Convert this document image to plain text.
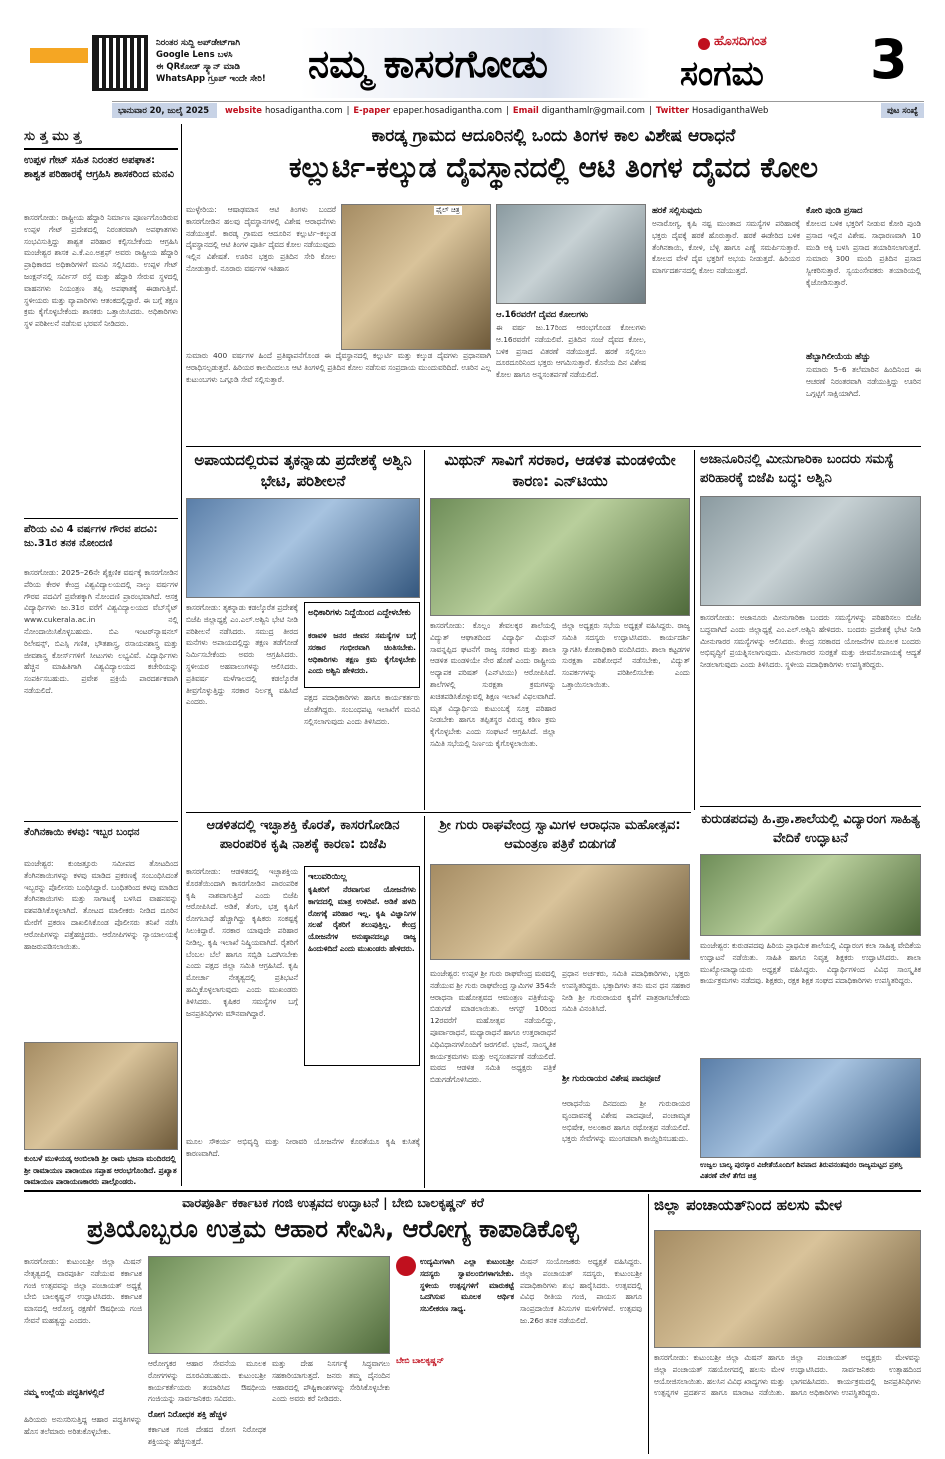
ನಿರಂತರ ಸುದ್ದಿ ಅಪ್‌ಡೇಟ್‌ಗಾಗಿ
Google Lens ಬಳಸಿ
ಈ QRಕೋಡ್ ಸ್ಕ್ಯಾನ್ ಮಾಡಿ
WhatsApp ಗ್ರೂಪ್ ಇಂದೇ ಸೇರಿ!	ನಮ್ಮ ಕಾಸರಗೋಡು
ಹೊಸದಿಗಂತ
ಸಂಗಮ 3
ಭಾನುವಾರ 20, ಜುಲೈ 2025	website hosadigantha.com | E-paper epaper.hosadigantha.com | Email diganthamlr@gmail.com | Twitter HosadiganthaWeb	ಪುಟ ಸಂಖ್ಯೆ
ಸು ತ್ತ ಮು ತ್ತ
ಉಪ್ಪಳ ಗೇಟ್ ಸಹಿತ ನಿರಂತರ ಅಪಘಾತ: ಶಾಶ್ವತ ಪರಿಹಾರಕ್ಕೆ ಆಗ್ರಹಿಸಿ ಶಾಸಕರಿಂದ ಮನವಿ
ಕಾಸರಗೋಡು: ರಾಷ್ಟ್ರೀಯ ಹೆದ್ದಾರಿ ನಿರ್ಮಾಣ ಪೂರ್ಣಗೊಂಡಿರುವ ಉಪ್ಪಳ ಗೇಟ್ ಪ್ರದೇಶದಲ್ಲಿ ನಿರಂತರವಾಗಿ ಅಪಘಾತಗಳು ಸಂಭವಿಸುತ್ತಿದ್ದು ಶಾಶ್ವತ ಪರಿಹಾರ ಕಲ್ಪಿಸಬೇಕೆಂದು ಆಗ್ರಹಿಸಿ ಮಂಜೇಶ್ವರ ಶಾಸಕ ಎ.ಕೆ.ಎಂ.ಅಶ್ರಫ್ ಅವರು ರಾಷ್ಟ್ರೀಯ ಹೆದ್ದಾರಿ ಪ್ರಾಧಿಕಾರದ ಅಧಿಕಾರಿಗಳಿಗೆ ಮನವಿ ಸಲ್ಲಿಸಿದರು. ಉಪ್ಪಳ ಗೇಟ್ ಜಂಕ್ಷನ್‌ನಲ್ಲಿ ಸರ್ವೀಸ್ ರಸ್ತೆ ಮತ್ತು ಹೆದ್ದಾರಿ ಸೇರುವ ಸ್ಥಳದಲ್ಲಿ ವಾಹನಗಳು ನಿಯಂತ್ರಣ ತಪ್ಪಿ ಅಪಘಾತಕ್ಕೆ ಈಡಾಗುತ್ತಿವೆ. ಸ್ಥಳೀಯರು ಮತ್ತು ವ್ಯಾಪಾರಿಗಳು ಆತಂಕದಲ್ಲಿದ್ದಾರೆ. ಈ ಬಗ್ಗೆ ತಕ್ಷಣ ಕ್ರಮ ಕೈಗೊಳ್ಳಬೇಕೆಂದು ಶಾಸಕರು ಒತ್ತಾಯಿಸಿದರು. ಅಧಿಕಾರಿಗಳು ಸ್ಥಳ ಪರಿಶೀಲನೆ ನಡೆಸುವ ಭರವಸೆ ನೀಡಿದರು.
ಪೆರಿಯ ವಿವಿ 4 ವರ್ಷಗಳ ಗೌರವ ಪದವಿ: ಜು.31ರ ತನಕ ನೋಂದಣಿ
ಕಾಸರಗೋಡು: 2025–26ನೇ ಶೈಕ್ಷಣಿಕ ವರ್ಷಕ್ಕೆ ಕಾಸರಗೋಡಿನ ಪೆರಿಯ ಕೇರಳ ಕೇಂದ್ರ ವಿಶ್ವವಿದ್ಯಾಲಯದಲ್ಲಿ ನಾಲ್ಕು ವರ್ಷಗಳ ಗೌರವ ಪದವಿಗೆ ಪ್ರವೇಶಕ್ಕಾಗಿ ನೋಂದಣಿ ಪ್ರಾರಂಭವಾಗಿದೆ. ಆಸಕ್ತ ವಿದ್ಯಾರ್ಥಿಗಳು ಜು.31ರ ವರೆಗೆ ವಿಶ್ವವಿದ್ಯಾಲಯದ ವೆಬ್‌ಸೈಟ್ www.cukerala.ac.in ನಲ್ಲಿ ನೋಂದಾಯಿಸಿಕೊಳ್ಳಬಹುದು. ಬಿಎ ಇಂಟರ್‌ನ್ಯಾಷನಲ್ ರಿಲೇಷನ್ಸ್, ಬಿಎಸ್ಸಿ ಗಣಿತ, ಭೌತಶಾಸ್ತ್ರ, ರಸಾಯನಶಾಸ್ತ್ರ ಮತ್ತು ಜೀವಶಾಸ್ತ್ರ ಕೋರ್ಸ್‌ಗಳಿಗೆ ಸೀಟುಗಳು ಲಭ್ಯವಿವೆ. ವಿದ್ಯಾರ್ಥಿಗಳು ಹೆಚ್ಚಿನ ಮಾಹಿತಿಗಾಗಿ ವಿಶ್ವವಿದ್ಯಾಲಯದ ಕಚೇರಿಯನ್ನು ಸಂಪರ್ಕಿಸಬಹುದು. ಪ್ರವೇಶ ಪ್ರಕ್ರಿಯೆ ಪಾರದರ್ಶಕವಾಗಿ ನಡೆಯಲಿದೆ.
ತೆಂಗಿನಕಾಯಿ ಕಳವು: ಇಬ್ಬರ ಬಂಧನ
ಮಂಜೇಶ್ವರ: ಕುಂಜತ್ತೂರು ಸಮೀಪದ ತೋಟದಿಂದ ತೆಂಗಿನಕಾಯಿಗಳನ್ನು ಕಳವು ಮಾಡಿದ ಪ್ರಕರಣಕ್ಕೆ ಸಂಬಂಧಿಸಿದಂತೆ ಇಬ್ಬರನ್ನು ಪೊಲೀಸರು ಬಂಧಿಸಿದ್ದಾರೆ. ಬಂಧಿತರಿಂದ ಕಳವು ಮಾಡಿದ ತೆಂಗಿನಕಾಯಿಗಳು ಮತ್ತು ಸಾಗಾಟಕ್ಕೆ ಬಳಸಿದ ವಾಹನವನ್ನು ವಶಪಡಿಸಿಕೊಳ್ಳಲಾಗಿದೆ. ತೋಟದ ಮಾಲೀಕರು ನೀಡಿದ ದೂರಿನ ಮೇರೆಗೆ ಪ್ರಕರಣ ದಾಖಲಿಸಿಕೊಂಡ ಪೊಲೀಸರು ತನಿಖೆ ನಡೆಸಿ ಆರೋಪಿಗಳನ್ನು ಪತ್ತೆಹಚ್ಚಿದರು. ಆರೋಪಿಗಳನ್ನು ನ್ಯಾಯಾಲಯಕ್ಕೆ ಹಾಜರುಪಡಿಸಲಾಯಿತು.
ಕುಂಬಳೆ ಮುಳಿಯಡ್ಕ ಅಂಬಿಲಾಡಿ ಶ್ರೀ ರಾಮ ಭಜನಾ ಮಂದಿರದಲ್ಲಿ ಶ್ರೀ ರಾಮಾಯಣ ಪಾರಾಯಣ ಸಪ್ತಾಹ ಆರಂಭಗೊಂಡಿದೆ. ಪ್ರಖ್ಯಾತ ರಾಮಾಯಣ ಪಾರಾಯಣಕಾರರು ಪಾಲ್ಗೊಂಡರು.
ಕಾರಡ್ಕ ಗ್ರಾಮದ ಆದೂರಿನಲ್ಲಿ ಒಂದು ತಿಂಗಳ ಕಾಲ ವಿಶೇಷ ಆರಾಧನೆ
ಕಲ್ಲುರ್ಟಿ-ಕಲ್ಕುಡ ದೈವಸ್ಥಾನದಲ್ಲಿ ಆಟಿ ತಿಂಗಳ ದೈವದ ಕೋಲ
ಮುಳ್ಳೇರಿಯ: ಆಷಾಢಮಾಸ ಆಟಿ ತಿಂಗಳು ಬಂದರೆ ಕಾಸರಗೋಡಿನ ಹಲವು ದೈವಸ್ಥಾನಗಳಲ್ಲಿ ವಿಶೇಷ ಆರಾಧನೆಗಳು ನಡೆಯುತ್ತವೆ. ಕಾರಡ್ಕ ಗ್ರಾಮದ ಆದೂರಿನ ಕಲ್ಲುರ್ಟಿ–ಕಲ್ಕುಡ ದೈವಸ್ಥಾನದಲ್ಲಿ ಆಟಿ ತಿಂಗಳ ಪೂರ್ತಿ ದೈವದ ಕೋಲ ನಡೆಯುವುದು ಇಲ್ಲಿನ ವಿಶೇಷತೆ. ಊರಿನ ಭಕ್ತರು ಪ್ರತಿದಿನ ಸೇರಿ ಕೋಲ ನೋಡುತ್ತಾರೆ. ನೂರಾರು ವರ್ಷಗಳ ಇತಿಹಾಸ
ಸುಮಾರು 400 ವರ್ಷಗಳ ಹಿಂದೆ ಪ್ರತಿಷ್ಠಾಪನೆಗೊಂಡ ಈ ದೈವಸ್ಥಾನದಲ್ಲಿ ಕಲ್ಲುರ್ಟಿ ಮತ್ತು ಕಲ್ಕುಡ ದೈವಗಳು ಪ್ರಧಾನವಾಗಿ ಆರಾಧಿಸಲ್ಪಡುತ್ತವೆ. ಹಿರಿಯರ ಕಾಲದಿಂದಲೂ ಆಟಿ ತಿಂಗಳಲ್ಲಿ ಪ್ರತಿದಿನ ಕೋಲ ನಡೆಸುವ ಸಂಪ್ರದಾಯ ಮುಂದುವರಿದಿದೆ. ಊರಿನ ಎಲ್ಲ ಕುಟುಂಬಗಳು ಒಗ್ಗೂಡಿ ಸೇವೆ ಸಲ್ಲಿಸುತ್ತಾರೆ.
ಫೈಲ್ ಚಿತ್ರ
ಆ.16ರವರೆಗೆ ದೈವದ ಕೋಲಗಳು
ಈ ವರ್ಷ ಜು.17ರಿಂದ ಆರಂಭಗೊಂಡ ಕೋಲಗಳು ಆ.16ರವರೆಗೆ ನಡೆಯಲಿವೆ. ಪ್ರತಿದಿನ ಸಂಜೆ ದೈವದ ಕೋಲ, ಬಳಿಕ ಪ್ರಸಾದ ವಿತರಣೆ ನಡೆಯುತ್ತದೆ. ಹರಕೆ ಸಲ್ಲಿಸಲು ದೂರದೂರಿನಿಂದ ಭಕ್ತರು ಆಗಮಿಸುತ್ತಾರೆ. ಕೊನೆಯ ದಿನ ವಿಶೇಷ ಕೋಲ ಹಾಗೂ ಅನ್ನಸಂತರ್ಪಣೆ ನಡೆಯಲಿದೆ.
ಹರಕೆ ಸಲ್ಲಿಸುವುದು
ಅನಾರೋಗ್ಯ, ಕೃಷಿ ನಷ್ಟ ಮುಂತಾದ ಸಮಸ್ಯೆಗಳ ಪರಿಹಾರಕ್ಕೆ ಭಕ್ತರು ದೈವಕ್ಕೆ ಹರಕೆ ಹೊರುತ್ತಾರೆ. ಹರಕೆ ಈಡೇರಿದ ಬಳಿಕ ತೆಂಗಿನಕಾಯಿ, ಕೋಳಿ, ಬೆಳ್ಳಿ ಹಾಗೂ ಎಣ್ಣೆ ಸಮರ್ಪಿಸುತ್ತಾರೆ. ಕೋಲದ ವೇಳೆ ದೈವ ಭಕ್ತರಿಗೆ ಅಭಯ ನೀಡುತ್ತದೆ. ಹಿರಿಯರ ಮಾರ್ಗದರ್ಶನದಲ್ಲಿ ಕೋಲ ನಡೆಯುತ್ತದೆ.
ಕೋರಿ ಪುಂಡಿ ಪ್ರಸಾದ
ಕೋಲದ ಬಳಿಕ ಭಕ್ತರಿಗೆ ನೀಡುವ ಕೋರಿ ಪುಂಡಿ ಪ್ರಸಾದ ಇಲ್ಲಿನ ವಿಶೇಷ. ಸಾಧಾರಣವಾಗಿ 10 ಮುಡಿ ಅಕ್ಕಿ ಬಳಸಿ ಪ್ರಸಾದ ತಯಾರಿಸಲಾಗುತ್ತದೆ. ಸುಮಾರು 300 ಮಂದಿ ಪ್ರತಿದಿನ ಪ್ರಸಾದ ಸ್ವೀಕರಿಸುತ್ತಾರೆ. ಸ್ವಯಂಸೇವಕರು ತಯಾರಿಯಲ್ಲಿ ಕೈಜೋಡಿಸುತ್ತಾರೆ.
ಹೆಬ್ಬಾಗಿಲೀಯೆಯ ಹೆಚ್ಚು
ಸುಮಾರು 5–6 ತಲೆಮಾರಿನ ಹಿಂದಿನಿಂದ ಈ ಆಚರಣೆ ನಿರಂತರವಾಗಿ ನಡೆಯುತ್ತಿದ್ದು ಊರಿನ ಒಗ್ಗಟ್ಟಿಗೆ ಸಾಕ್ಷಿಯಾಗಿದೆ.
ಅಪಾಯದಲ್ಲಿರುವ ತೃಕನ್ನಾಡು ಪ್ರದೇಶಕ್ಕೆ ಅಶ್ವಿನಿ ಭೇಟಿ, ಪರಿಶೀಲನೆ
ಕಾಸರಗೋಡು: ತೃಕನ್ನಾಡು ಕಡಲ್ಕೊರೆತ ಪ್ರದೇಶಕ್ಕೆ ಬಿಜೆಪಿ ಜಿಲ್ಲಾಧ್ಯಕ್ಷೆ ಎಂ.ಎಲ್.ಅಶ್ವಿನಿ ಭೇಟಿ ನೀಡಿ ಪರಿಶೀಲನೆ ನಡೆಸಿದರು. ಸಮುದ್ರ ತೀರದ ಮನೆಗಳು ಅಪಾಯದಲ್ಲಿದ್ದು ತಕ್ಷಣ ತಡೆಗೋಡೆ ನಿರ್ಮಿಸಬೇಕೆಂದು ಅವರು ಆಗ್ರಹಿಸಿದರು. ಸ್ಥಳೀಯರ ಅಹವಾಲುಗಳನ್ನು ಆಲಿಸಿದರು. ಪ್ರತಿವರ್ಷ ಮಳೆಗಾಲದಲ್ಲಿ ಕಡಲ್ಕೊರೆತ ತೀವ್ರಗೊಳ್ಳುತ್ತಿದ್ದು ಸರಕಾರ ನಿರ್ಲಕ್ಷ್ಯ ವಹಿಸಿದೆ ಎಂದರು.
ಅಧಿಕಾರಿಗಳು ನಿದ್ದೆಯಿಂದ ಎದ್ದೇಳಬೇಕು
ಕರಾವಳಿ ಜನರ ಜೀವನ ಸಮಸ್ಯೆಗಳ ಬಗ್ಗೆ ಸರಕಾರ ಗಂಭೀರವಾಗಿ ಚಿಂತಿಸಬೇಕು. ಅಧಿಕಾರಿಗಳು ತಕ್ಷಣ ಕ್ರಮ ಕೈಗೊಳ್ಳಬೇಕು ಎಂದು ಅಶ್ವಿನಿ ಹೇಳಿದರು.
ಪಕ್ಷದ ಪದಾಧಿಕಾರಿಗಳು ಹಾಗೂ ಕಾರ್ಯಕರ್ತರು ಜೊತೆಗಿದ್ದರು. ಸಂಬಂಧಪಟ್ಟ ಇಲಾಖೆಗೆ ಮನವಿ ಸಲ್ಲಿಸಲಾಗುವುದು ಎಂದು ತಿಳಿಸಿದರು.
ಮಿಥುನ್ ಸಾವಿಗೆ ಸರಕಾರ, ಆಡಳಿತ ಮಂಡಳಿಯೇ ಕಾರಣ: ಎನ್‌ಟಿಯು
ಕಾಸರಗೋಡು: ಕೊಲ್ಲಂ ತೇವಲಕ್ಕರ ಶಾಲೆಯಲ್ಲಿ ವಿದ್ಯುತ್ ಆಘಾತದಿಂದ ವಿದ್ಯಾರ್ಥಿ ಮಿಥುನ್ ಸಾವನ್ನಪ್ಪಿದ ಘಟನೆಗೆ ರಾಜ್ಯ ಸರಕಾರ ಮತ್ತು ಶಾಲಾ ಆಡಳಿತ ಮಂಡಳಿಯೇ ನೇರ ಹೊಣೆ ಎಂದು ರಾಷ್ಟ್ರೀಯ ಅಧ್ಯಾಪಕ ಪರಿಷತ್ (ಎನ್‌ಟಿಯು) ಆರೋಪಿಸಿದೆ. ಶಾಲೆಗಳಲ್ಲಿ ಸುರಕ್ಷತಾ ಕ್ರಮಗಳನ್ನು ಖಚಿತಪಡಿಸಿಕೊಳ್ಳುವಲ್ಲಿ ಶಿಕ್ಷಣ ಇಲಾಖೆ ವಿಫಲವಾಗಿದೆ. ಮೃತ ವಿದ್ಯಾರ್ಥಿಯ ಕುಟುಂಬಕ್ಕೆ ಸೂಕ್ತ ಪರಿಹಾರ ನೀಡಬೇಕು ಹಾಗೂ ತಪ್ಪಿತಸ್ಥರ ವಿರುದ್ಧ ಕಠಿಣ ಕ್ರಮ ಕೈಗೊಳ್ಳಬೇಕು ಎಂದು ಸಂಘಟನೆ ಆಗ್ರಹಿಸಿದೆ. ಜಿಲ್ಲಾ ಸಮಿತಿ ಸಭೆಯಲ್ಲಿ ನಿರ್ಣಯ ಕೈಗೊಳ್ಳಲಾಯಿತು.
ಜಿಲ್ಲಾ ಅಧ್ಯಕ್ಷರು ಸಭೆಯ ಅಧ್ಯಕ್ಷತೆ ವಹಿಸಿದ್ದರು. ರಾಜ್ಯ ಸಮಿತಿ ಸದಸ್ಯರು ಉದ್ಘಾಟಿಸಿದರು. ಕಾರ್ಯದರ್ಶಿ ಸ್ವಾಗತಿಸಿ ಕೋಶಾಧಿಕಾರಿ ವಂದಿಸಿದರು. ಶಾಲಾ ಕಟ್ಟಡಗಳ ಸುರಕ್ಷತಾ ಪರಿಶೋಧನೆ ನಡೆಸಬೇಕು, ವಿದ್ಯುತ್ ಸಂಪರ್ಕಗಳನ್ನು ಪರಿಶೀಲಿಸಬೇಕು ಎಂದು ಒತ್ತಾಯಿಸಲಾಯಿತು.
ಅಜಾನೂರಿನಲ್ಲಿ ಮೀನುಗಾರಿಕಾ ಬಂದರು ಸಮಸ್ಯೆ ಪರಿಹಾರಕ್ಕೆ ಬಿಜೆಪಿ ಬದ್ಧ: ಅಶ್ವಿನಿ
ಕಾಸರಗೋಡು: ಅಜಾನೂರು ಮೀನುಗಾರಿಕಾ ಬಂದರು ಸಮಸ್ಯೆಗಳನ್ನು ಪರಿಹರಿಸಲು ಬಿಜೆಪಿ ಬದ್ಧವಾಗಿದೆ ಎಂದು ಜಿಲ್ಲಾಧ್ಯಕ್ಷೆ ಎಂ.ಎಲ್.ಅಶ್ವಿನಿ ಹೇಳಿದರು. ಬಂದರು ಪ್ರದೇಶಕ್ಕೆ ಭೇಟಿ ನೀಡಿ ಮೀನುಗಾರರ ಸಮಸ್ಯೆಗಳನ್ನು ಆಲಿಸಿದರು. ಕೇಂದ್ರ ಸರಕಾರದ ಯೋಜನೆಗಳ ಮೂಲಕ ಬಂದರು ಅಭಿವೃದ್ಧಿಗೆ ಪ್ರಯತ್ನಿಸಲಾಗುವುದು. ಮೀನುಗಾರರ ಸುರಕ್ಷತೆ ಮತ್ತು ಜೀವನೋಪಾಯಕ್ಕೆ ಆದ್ಯತೆ ನೀಡಲಾಗುವುದು ಎಂದು ತಿಳಿಸಿದರು. ಸ್ಥಳೀಯ ಪದಾಧಿಕಾರಿಗಳು ಉಪಸ್ಥಿತರಿದ್ದರು.
ಕುರುಡಪದವು ಹಿ.ಪ್ರಾ.ಶಾಲೆಯಲ್ಲಿ ವಿದ್ಯಾರಂಗ ಸಾಹಿತ್ಯ ವೇದಿಕೆ ಉದ್ಘಾಟನೆ
ಮಂಜೇಶ್ವರ: ಕುರುಡಪದವು ಹಿರಿಯ ಪ್ರಾಥಮಿಕ ಶಾಲೆಯಲ್ಲಿ ವಿದ್ಯಾರಂಗ ಕಲಾ ಸಾಹಿತ್ಯ ವೇದಿಕೆಯ ಉದ್ಘಾಟನೆ ನಡೆಯಿತು. ಸಾಹಿತಿ ಹಾಗೂ ನಿವೃತ್ತ ಶಿಕ್ಷಕರು ಉದ್ಘಾಟಿಸಿದರು. ಶಾಲಾ ಮುಖ್ಯೋಪಾಧ್ಯಾಯರು ಅಧ್ಯಕ್ಷತೆ ವಹಿಸಿದ್ದರು. ವಿದ್ಯಾರ್ಥಿಗಳಿಂದ ವಿವಿಧ ಸಾಂಸ್ಕೃತಿಕ ಕಾರ್ಯಕ್ರಮಗಳು ನಡೆದವು. ಶಿಕ್ಷಕರು, ರಕ್ಷಕ ಶಿಕ್ಷಕ ಸಂಘದ ಪದಾಧಿಕಾರಿಗಳು ಉಪಸ್ಥಿತರಿದ್ದರು.
ಉಜ್ವಲ ಬಾಲ್ಯ ಪುರಸ್ಕಾರ ವಿಜೇತೆಯೊಂದಿಗೆ ಶಿವಪಾದ ತಿರುವನಂತಪುರಂ ರಾಜ್ಯಮಟ್ಟದ ಪ್ರಶಸ್ತಿ ವಿತರಣೆ ವೇಳೆ ತೆಗೆದ ಚಿತ್ರ
ಆಡಳಿತದಲ್ಲಿ ಇಚ್ಛಾಶಕ್ತಿ ಕೊರತೆ, ಕಾಸರಗೋಡಿನ ಪಾರಂಪರಿಕ ಕೃಷಿ ನಾಶಕ್ಕೆ ಕಾರಣ: ಬಿಜೆಪಿ
ಕಾಸರಗೋಡು: ಆಡಳಿತದಲ್ಲಿ ಇಚ್ಛಾಶಕ್ತಿಯ ಕೊರತೆಯಿಂದಾಗಿ ಕಾಸರಗೋಡಿನ ಪಾರಂಪರಿಕ ಕೃಷಿ ನಾಶವಾಗುತ್ತಿದೆ ಎಂದು ಬಿಜೆಪಿ ಆರೋಪಿಸಿದೆ. ಅಡಿಕೆ, ತೆಂಗು, ಭತ್ತ ಕೃಷಿಗೆ ರೋಗಬಾಧೆ ಹೆಚ್ಚಾಗಿದ್ದು ಕೃಷಿಕರು ಸಂಕಷ್ಟಕ್ಕೆ ಸಿಲುಕಿದ್ದಾರೆ. ಸರಕಾರ ಯಾವುದೇ ಪರಿಹಾರ ನೀಡಿಲ್ಲ. ಕೃಷಿ ಇಲಾಖೆ ನಿಷ್ಕ್ರಿಯವಾಗಿದೆ. ರೈತರಿಗೆ ಬೆಂಬಲ ಬೆಲೆ ಹಾಗೂ ಸಬ್ಸಿಡಿ ಒದಗಿಸಬೇಕು ಎಂದು ಪಕ್ಷದ ಜಿಲ್ಲಾ ಸಮಿತಿ ಆಗ್ರಹಿಸಿದೆ. ಕೃಷಿ ಮೋರ್ಚಾ ನೇತೃತ್ವದಲ್ಲಿ ಪ್ರತಿಭಟನೆ ಹಮ್ಮಿಕೊಳ್ಳಲಾಗುವುದು ಎಂದು ಮುಖಂಡರು ತಿಳಿಸಿದರು. ಕೃಷಿಕರ ಸಮಸ್ಯೆಗಳ ಬಗ್ಗೆ ಜನಪ್ರತಿನಿಧಿಗಳು ಮೌನವಾಗಿದ್ದಾರೆ.
ಇಲುವರಿಯಿಲ್ಲ
ಕೃಷಿಕರಿಗೆ ನೆರವಾಗುವ ಯೋಜನೆಗಳು ಕಾಗದದಲ್ಲಿ ಮಾತ್ರ ಉಳಿದಿವೆ. ಅಡಿಕೆ ಹಳದಿ ರೋಗಕ್ಕೆ ಪರಿಹಾರ ಇಲ್ಲ. ಕೃಷಿ ವಿಜ್ಞಾನಿಗಳ ಸಲಹೆ ರೈತರಿಗೆ ತಲುಪುತ್ತಿಲ್ಲ. ಕೇಂದ್ರ ಯೋಜನೆಗಳ ಅನುಷ್ಠಾನದಲ್ಲೂ ರಾಜ್ಯ ಹಿಂದುಳಿದಿದೆ ಎಂದು ಮುಖಂಡರು ಹೇಳಿದರು.
ಮೂಲ ಸೌಕರ್ಯ ಅಭಿವೃದ್ಧಿ ಮತ್ತು ನೀರಾವರಿ ಯೋಜನೆಗಳ ಕೊರತೆಯೂ ಕೃಷಿ ಕುಸಿತಕ್ಕೆ ಕಾರಣವಾಗಿದೆ.
ಶ್ರೀ ಗುರು ರಾಘವೇಂದ್ರ ಸ್ವಾಮಿಗಳ ಆರಾಧನಾ ಮಹೋತ್ಸವ: ಆಮಂತ್ರಣ ಪತ್ರಿಕೆ ಬಿಡುಗಡೆ
ಮಂಜೇಶ್ವರ: ಉಪ್ಪಳ ಶ್ರೀ ಗುರು ರಾಘವೇಂದ್ರ ಮಠದಲ್ಲಿ ನಡೆಯುವ ಶ್ರೀ ಗುರು ರಾಘವೇಂದ್ರ ಸ್ವಾಮಿಗಳ 354ನೇ ಆರಾಧನಾ ಮಹೋತ್ಸವದ ಆಮಂತ್ರಣ ಪತ್ರಿಕೆಯನ್ನು ಬಿಡುಗಡೆ ಮಾಡಲಾಯಿತು. ಆಗಸ್ಟ್ 10ರಿಂದ 12ರವರೆಗೆ ಮಹೋತ್ಸವ ನಡೆಯಲಿದ್ದು, ಪೂರ್ವಾರಾಧನೆ, ಮಧ್ಯಾರಾಧನೆ ಹಾಗೂ ಉತ್ತರಾರಾಧನೆ ವಿಧಿವಿಧಾನಗಳೊಂದಿಗೆ ಜರಗಲಿವೆ. ಭಜನೆ, ಸಾಂಸ್ಕೃತಿಕ ಕಾರ್ಯಕ್ರಮಗಳು ಮತ್ತು ಅನ್ನಸಂತರ್ಪಣೆ ನಡೆಯಲಿದೆ. ಮಠದ ಆಡಳಿತ ಸಮಿತಿ ಅಧ್ಯಕ್ಷರು ಪತ್ರಿಕೆ ಬಿಡುಗಡೆಗೊಳಿಸಿದರು.
ಪ್ರಧಾನ ಅರ್ಚಕರು, ಸಮಿತಿ ಪದಾಧಿಕಾರಿಗಳು, ಭಕ್ತರು ಉಪಸ್ಥಿತರಿದ್ದರು. ಭಕ್ತಾದಿಗಳು ತನು ಮನ ಧನ ಸಹಕಾರ ನೀಡಿ ಶ್ರೀ ಗುರುರಾಯರ ಕೃಪೆಗೆ ಪಾತ್ರರಾಗಬೇಕೆಂದು ಸಮಿತಿ ವಿನಂತಿಸಿದೆ.
ಶ್ರೀ ಗುರುರಾಯರ ವಿಶೇಷ ಪಾದಪೂಜೆ
ಆರಾಧನೆಯ ದಿನದಂದು ಶ್ರೀ ಗುರುರಾಯರ ವೃಂದಾವನಕ್ಕೆ ವಿಶೇಷ ಪಾದಪೂಜೆ, ಪಂಚಾಮೃತ ಅಭಿಷೇಕ, ಅಲಂಕಾರ ಹಾಗೂ ರಥೋತ್ಸವ ನಡೆಯಲಿದೆ. ಭಕ್ತರು ಸೇವೆಗಳನ್ನು ಮುಂಗಡವಾಗಿ ಕಾಯ್ದಿರಿಸಬಹುದು.
ವಾರಪೂರ್ತಿ ಕರ್ಕಾಟಕ ಗಂಜಿ ಉತ್ಸವದ ಉದ್ಘಾಟನೆ | ಬೇಬಿ ಬಾಲಕೃಷ್ಣನ್ ಕರೆ
ಪ್ರತಿಯೊಬ್ಬರೂ ಉತ್ತಮ ಆಹಾರ ಸೇವಿಸಿ, ಆರೋಗ್ಯ ಕಾಪಾಡಿಕೊಳ್ಳಿ
ಕಾಸರಗೋಡು: ಕುಟುಂಬಶ್ರೀ ಜಿಲ್ಲಾ ಮಿಷನ್ ನೇತೃತ್ವದಲ್ಲಿ ವಾರಪೂರ್ತಿ ನಡೆಯುವ ಕರ್ಕಾಟಕ ಗಂಜಿ ಉತ್ಸವವನ್ನು ಜಿಲ್ಲಾ ಪಂಚಾಯತ್ ಅಧ್ಯಕ್ಷೆ ಬೇಬಿ ಬಾಲಕೃಷ್ಣನ್ ಉದ್ಘಾಟಿಸಿದರು. ಕರ್ಕಾಟಕ ಮಾಸದಲ್ಲಿ ಆರೋಗ್ಯ ರಕ್ಷಣೆಗೆ ಔಷಧೀಯ ಗಂಜಿ ಸೇವನೆ ಮಹತ್ವದ್ದು ಎಂದರು.
ನಮ್ಮ ಉಲ್ಲೆಯ ಪದ್ಧತಿಗಳಲ್ಲಿದೆ
ಹಿರಿಯರು ಅನುಸರಿಸುತ್ತಿದ್ದ ಆಹಾರ ಪದ್ಧತಿಗಳನ್ನು ಹೊಸ ತಲೆಮಾರು ಅರಿತುಕೊಳ್ಳಬೇಕು.
ಆರೋಗ್ಯಕರ ಆಹಾರ ಸೇವನೆಯ ಮೂಲಕ ರೋಗಗಳನ್ನು ದೂರವಿಡಬಹುದು. ಕುಟುಂಬಶ್ರೀ ಕಾರ್ಯಕರ್ತೆಯರು ತಯಾರಿಸಿದ ಔಷಧೀಯ ಗಂಜಿಯನ್ನು ಸಾರ್ವಜನಿಕರು ಸವಿದರು.
ರೋಗ ನಿರೋಧಕ ಶಕ್ತಿ ಹೆಚ್ಚಳ
ಕರ್ಕಾಟಕ ಗಂಜಿ ದೇಹದ ರೋಗ ನಿರೋಧಕ ಶಕ್ತಿಯನ್ನು ಹೆಚ್ಚಿಸುತ್ತದೆ.
ಮತ್ತು ದೇಹ ನಿಸರ್ಗಕ್ಕೆ ಸಿದ್ಧವಾಗಲು ಸಹಕಾರಿಯಾಗುತ್ತದೆ. ಜನರು ತಮ್ಮ ದೈನಂದಿನ ಆಹಾರದಲ್ಲಿ ಪೌಷ್ಟಿಕಾಂಶಗಳನ್ನು ಸೇರಿಸಿಕೊಳ್ಳಬೇಕು ಎಂದು ಅವರು ಕರೆ ನೀಡಿದರು.
ಉದ್ಯಮಿಗಳಾಗಿ ಎಲ್ಲಾ ಕುಟುಂಬಶ್ರೀ ಸದಸ್ಯರು ಸ್ವಾವಲಂಬಿಗಳಾಗಬೇಕು. ಸ್ಥಳೀಯ ಉತ್ಪನ್ನಗಳಿಗೆ ಮಾರುಕಟ್ಟೆ ಒದಗಿಸುವ ಮೂಲಕ ಆರ್ಥಿಕ ಸಬಲೀಕರಣ ಸಾಧ್ಯ.
ಬೇಬಿ ಬಾಲಕೃಷ್ಣನ್
ಮಿಷನ್ ಸಂಯೋಜಕರು ಅಧ್ಯಕ್ಷತೆ ವಹಿಸಿದ್ದರು. ಜಿಲ್ಲಾ ಪಂಚಾಯತ್ ಸದಸ್ಯರು, ಕುಟುಂಬಶ್ರೀ ಪದಾಧಿಕಾರಿಗಳು ಶುಭ ಹಾರೈಸಿದರು. ಉತ್ಸವದಲ್ಲಿ ವಿವಿಧ ರೀತಿಯ ಗಂಜಿ, ಪಾಯಸ ಹಾಗೂ ಸಾಂಪ್ರದಾಯಿಕ ತಿನಿಸುಗಳ ಮಳಿಗೆಗಳಿವೆ. ಉತ್ಸವವು ಜು.26ರ ತನಕ ನಡೆಯಲಿದೆ.
ಜಿಲ್ಲಾ ಪಂಚಾಯತ್‌ನಿಂದ ಹಲಸು ಮೇಳ
ಕಾಸರಗೋಡು: ಕುಟುಂಬಶ್ರೀ ಜಿಲ್ಲಾ ಮಿಷನ್ ಹಾಗೂ ಜಿಲ್ಲಾ ಪಂಚಾಯತ್ ಸಹಯೋಗದಲ್ಲಿ ಹಲಸು ಮೇಳ ಆಯೋಜಿಸಲಾಯಿತು. ಹಲಸಿನ ವಿವಿಧ ಖಾದ್ಯಗಳು ಮತ್ತು ಉತ್ಪನ್ನಗಳ ಪ್ರದರ್ಶನ ಹಾಗೂ ಮಾರಾಟ ನಡೆಯಿತು. ಜಿಲ್ಲಾ ಪಂಚಾಯತ್ ಅಧ್ಯಕ್ಷರು ಮೇಳವನ್ನು ಉದ್ಘಾಟಿಸಿದರು. ಸಾರ್ವಜನಿಕರು ಉತ್ಸಾಹದಿಂದ ಭಾಗವಹಿಸಿದರು. ಕಾರ್ಯಕ್ರಮದಲ್ಲಿ ಜನಪ್ರತಿನಿಧಿಗಳು ಹಾಗೂ ಅಧಿಕಾರಿಗಳು ಉಪಸ್ಥಿತರಿದ್ದರು.
